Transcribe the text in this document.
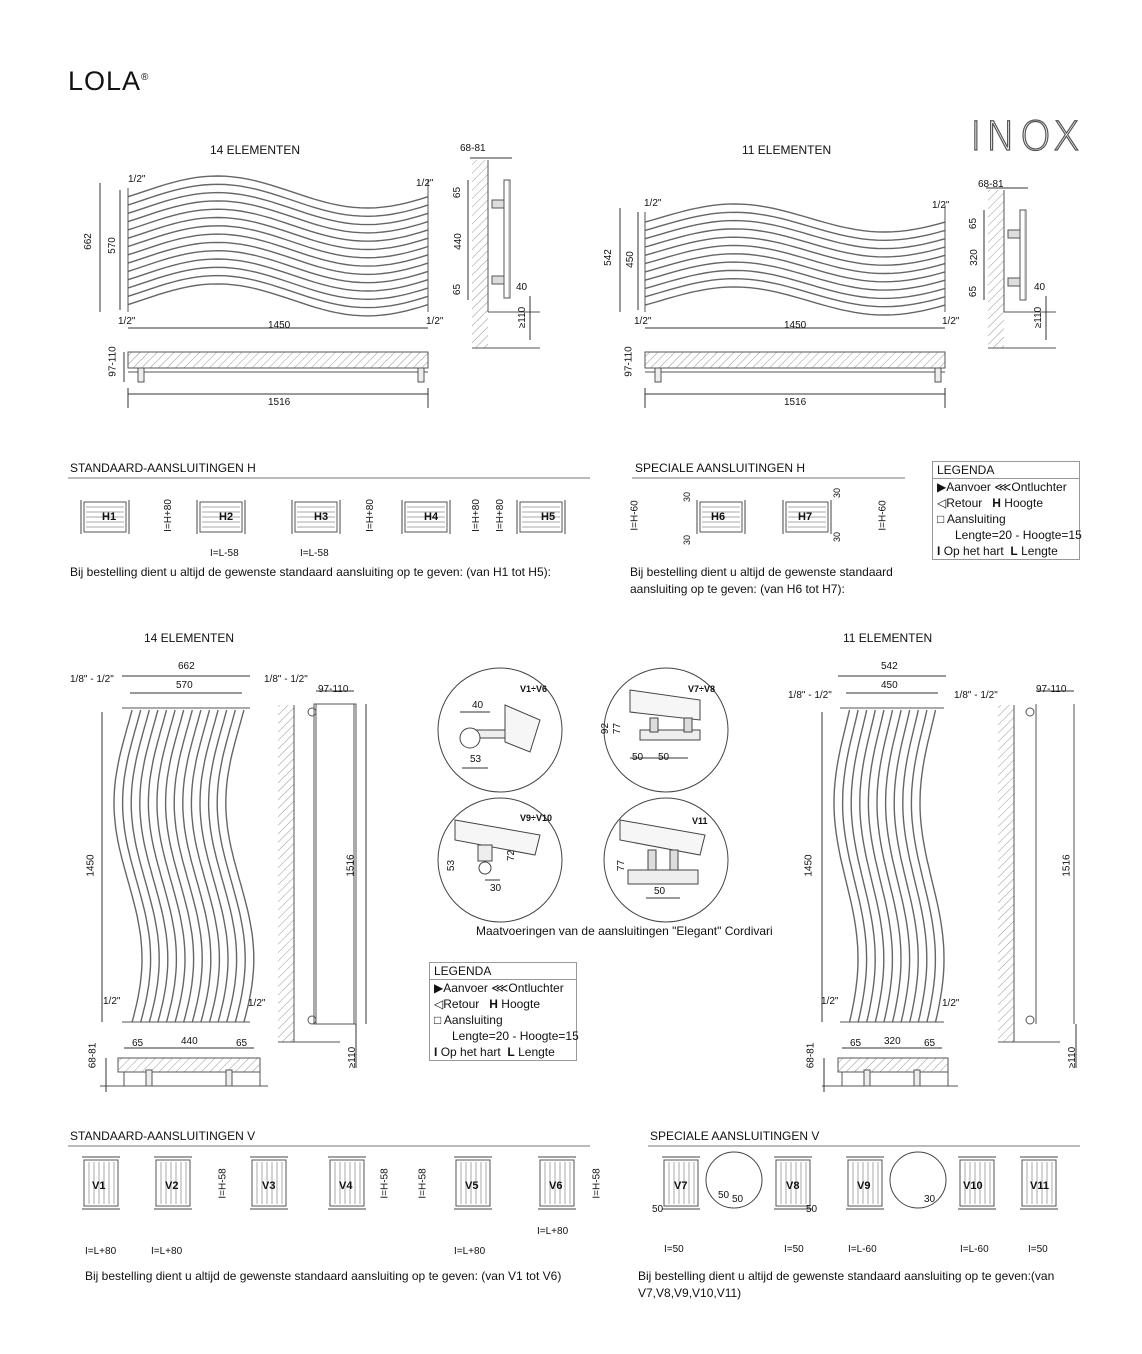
LOLA®
INOX
14 ELEMENTEN
1/2"	1/2"
1/2"	1/2"
662 570
1450
97-110
1516
68-81
65
440
65	40
≥110
11 ELEMENTEN
1/2"	1/2"
1/2"	1/2"
542 450
1450
97-110
1516
68-81
65
320
65	40
≥110
STANDAARD-AANSLUITINGEN H
H1	H2	H3	H4	H5
I=H+80
I=L-58
I=H+80
I=L-58
I=H+80 I=H+80
Bij bestelling dient u altijd de gewenste standaard aansluiting op te geven: (van H1 tot H5):
SPECIALE AANSLUITINGEN H
H6	H7
I=H-60
30
30
30
30
I=H-60
Bij bestelling dient u altijd de gewenste standaard
aansluiting op te geven: (van H6 tot H7):
LEGENDA
▶Aanvoer ⋘Ontluchter
◁Retour H Hoogte
□ Aansluiting
Lengte=20 - Hoogte=15
I Op het hart L Lengte
14 ELEMENTEN
662
570
1/8" - 1/2"	1/8" - 1/2"
97-110
1450	1516
1/2"	1/2"
65	440	65
68-81	≥110
11 ELEMENTEN
542
450
1/8" - 1/2"	1/8" - 1/2"
97-110
1450	1516
1/2"	1/2"
65 320 65
68-81	≥110
V1÷V6
40
53
V7÷V8
92 77
50 50
V9÷V10
53
72
30
V11
77
50
Maatvoeringen van de aansluitingen "Elegant" Cordivari
LEGENDA
▶Aanvoer ⋘Ontluchter
◁Retour H Hoogte
□ Aansluiting
Lengte=20 - Hoogte=15
I Op het hart L Lengte
STANDAARD-AANSLUITINGEN V
V1	V2	V3	V4	V5	V6
I=H-58	I=H-58	I=H-58	I=H-58
I=L+80	I=L+80	I=L+80
I=L+80
Bij bestelling dient u altijd de gewenste standaard aansluiting op te geven: (van V1 tot V6)
SPECIALE AANSLUITINGEN V
V7	V8	V9	V10	V11
50
50 50
50
30
I=50	I=50	I=L-60	I=L-60	I=50
Bij bestelling dient u altijd de gewenste standaard aansluiting op te geven:(van V7,V8,V9,V10,V11)
